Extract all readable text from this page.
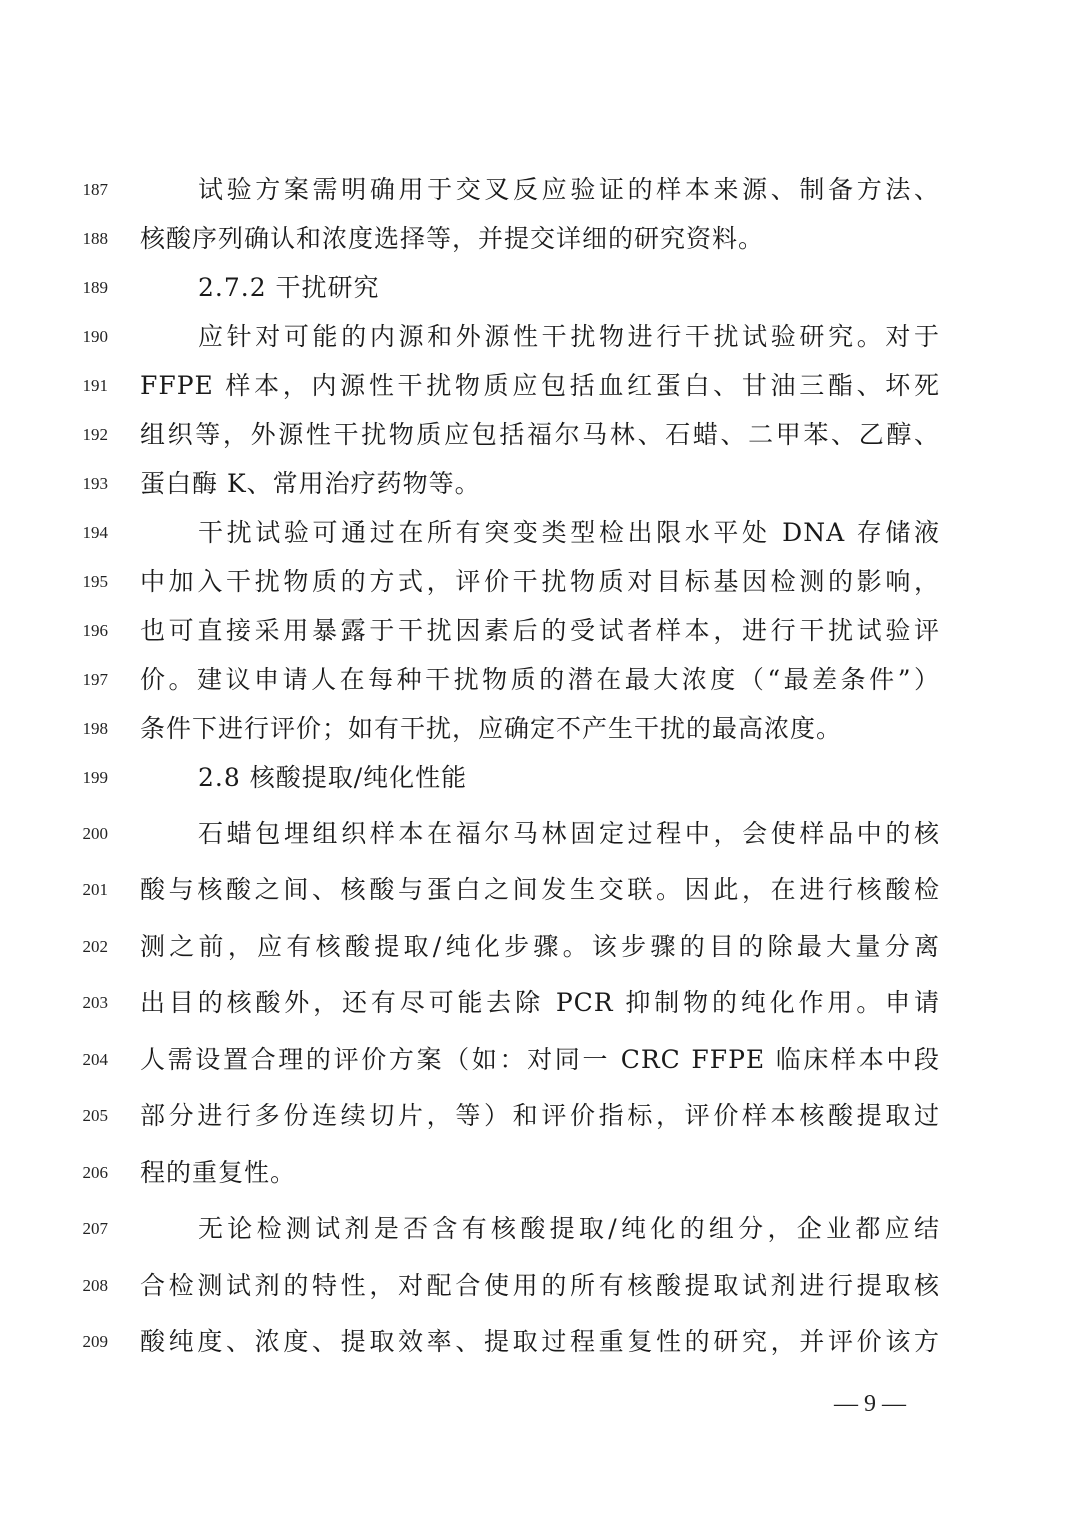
187	试验方案需明确用于交叉反应验证的样本来源、制备方法、
188 核酸序列确认和浓度选择等，并提交详细的研究资料。
189	2.7.2 干扰研究
190	应针对可能的内源和外源性干扰物进行干扰试验研究。对于
191 FFPE 样本，内源性干扰物质应包括血红蛋白、甘油三酯、坏死
192 组织等，外源性干扰物质应包括福尔马林、石蜡、二甲苯、乙醇、
193 蛋白酶 K、常用治疗药物等。
194	干扰试验可通过在所有突变类型检出限水平处 DNA 存储液
195 中加入干扰物质的方式，评价干扰物质对目标基因检测的影响，
196 也可直接采用暴露于干扰因素后的受试者样本，进行干扰试验评
197 价。建议申请人在每种干扰物质的潜在最大浓度（“最差条件”）
198 条件下进行评价；如有干扰，应确定不产生干扰的最高浓度。
199	2.8 核酸提取/纯化性能
200	石蜡包埋组织样本在福尔马林固定过程中，会使样品中的核
201 酸与核酸之间、核酸与蛋白之间发生交联。因此，在进行核酸检
202 测之前，应有核酸提取/纯化步骤。该步骤的目的除最大量分离
203 出目的核酸外，还有尽可能去除 PCR 抑制物的纯化作用。申请
204 人需设置合理的评价方案（如：对同一 CRC FFPE 临床样本中段
205 部分进行多份连续切片，等）和评价指标，评价样本核酸提取过
206 程的重复性。
207	无论检测试剂是否含有核酸提取/纯化的组分，企业都应结
208 合检测试剂的特性，对配合使用的所有核酸提取试剂进行提取核
209 酸纯度、浓度、提取效率、提取过程重复性的研究，并评价该方
— 9 —
